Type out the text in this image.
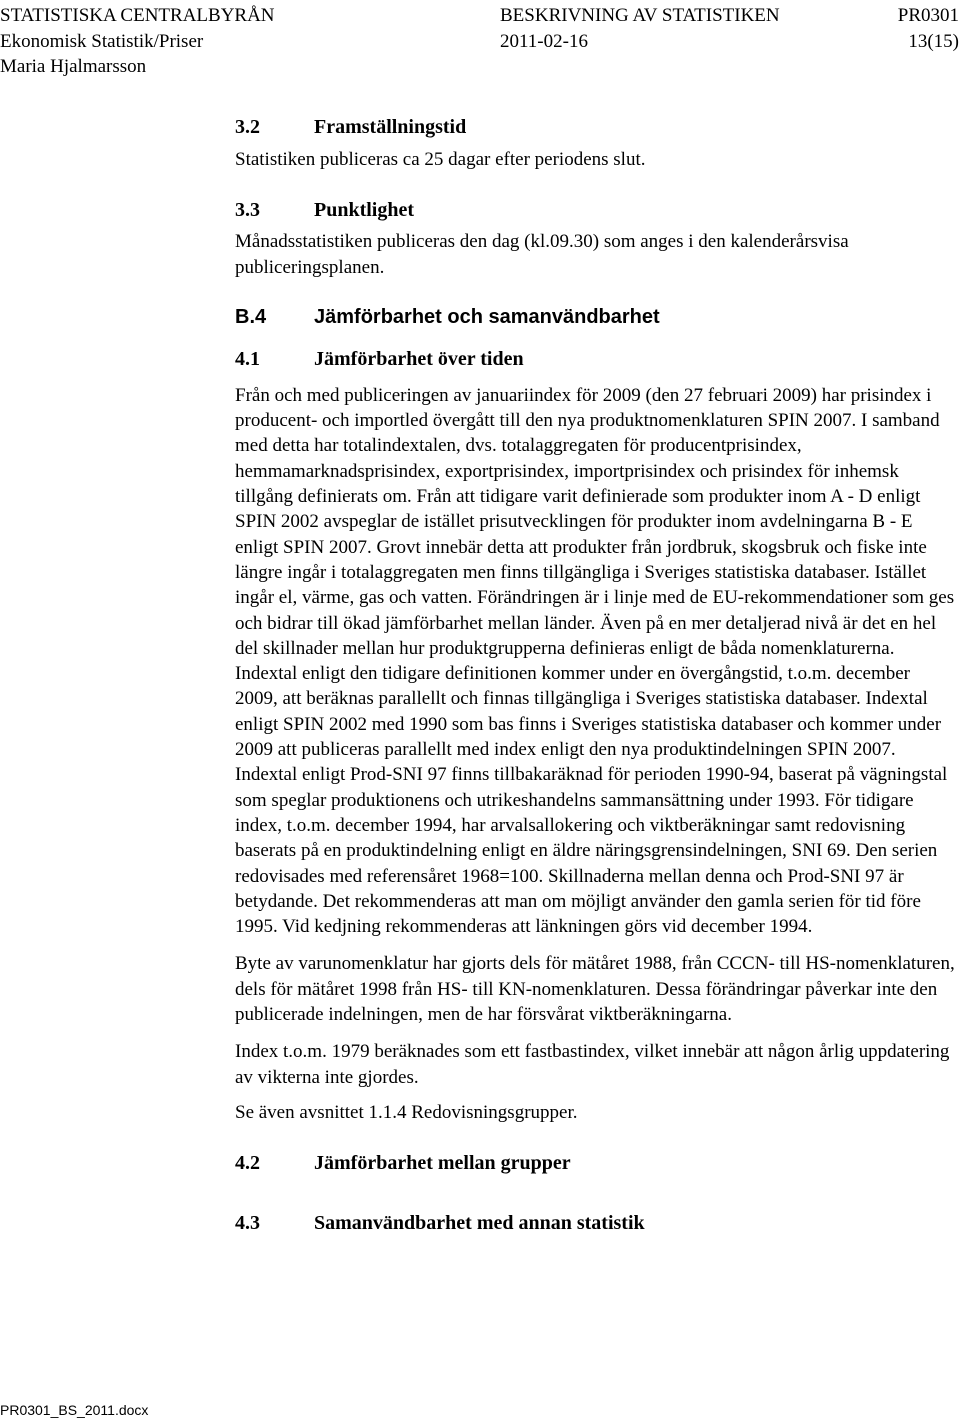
STATISTISKA CENTRALBYRÅN	BESKRIVNING AV STATISTIKEN	PR0301
Ekonomisk Statistik/Priser	2011-02-16	13(15)
Maria Hjalmarsson
3.2	Framställningstid

Statistiken publiceras ca 25 dagar efter periodens slut.

3.3	Punktlighet

Månadsstatistiken publiceras den dag (kl.09.30) som anges i den kalenderårsvisa publiceringsplanen.

B.4 Jämförbarhet och samanvändbarhet
4.1	Jämförbarhet över tiden

Från och med publiceringen av januariindex för 2009 (den 27 februari 2009) har prisindex i producent- och importled övergått till den nya produktnomenklaturen SPIN 2007. I samband med detta har totalindextalen, dvs. totalaggregaten för producentprisindex, hemmamarknadsprisindex, exportprisindex, importprisindex och prisindex för inhemsk tillgång definierats om. Från att tidigare varit definierade som produkter inom A - D enligt SPIN 2002 avspeglar de istället prisutvecklingen för produkter inom avdelningarna B - E enligt SPIN 2007. Grovt innebär detta att produkter från jordbruk, skogsbruk och fiske inte längre ingår i totalaggregaten men finns tillgängliga i Sveriges statistiska databaser. Istället ingår el, värme, gas och vatten. Förändringen är i linje med de EU-rekommendationer som ges och bidrar till ökad jämförbarhet mellan länder. Även på en mer detaljerad nivå är det en hel del skillnader mellan hur produktgrupperna definieras enligt de båda nomenklaturerna. Indextal enligt den tidigare definitionen kommer under en övergångstid, t.o.m. december 2009, att beräknas parallellt och finnas tillgängliga i Sveriges statistiska databaser. Indextal enligt SPIN 2002 med 1990 som bas finns i Sveriges statistiska databaser och kommer under 2009 att publiceras parallellt med index enligt den nya produktindelningen SPIN 2007. Indextal enligt Prod-SNI 97 finns tillbakaräknad för perioden 1990-94, baserat på vägningstal som speglar produktionens och utrikeshandelns sammansättning under 1993. För tidigare index, t.o.m. december 1994, har arvalsallokering och viktberäkningar samt redovisning baserats på en produktindelning enligt en äldre näringsgrensindelningen, SNI 69. Den serien redovisades med referensåret 1968=100. Skillnaderna mellan denna och Prod-SNI 97 är betydande. Det rekommenderas att man om möjligt använder den gamla serien för tid före 1995. Vid kedjning rekommenderas att länkningen görs vid december 1994.

Byte av varunomenklatur har gjorts dels för mätåret 1988, från CCCN- till HS-nomenklaturen, dels för mätåret 1998 från HS- till KN-nomenklaturen. Dessa förändringar påverkar inte den publicerade indelningen, men de har försvårat viktberäkningarna.

Index t.o.m. 1979 beräknades som ett fastbastindex, vilket innebär att någon årlig uppdatering av vikterna inte gjordes.

Se även avsnittet 1.1.4 Redovisningsgrupper.

4.2	Jämförbarhet mellan grupper
4.3	Samanvändbarhet med annan statistik
PR0301_BS_2011.docx
